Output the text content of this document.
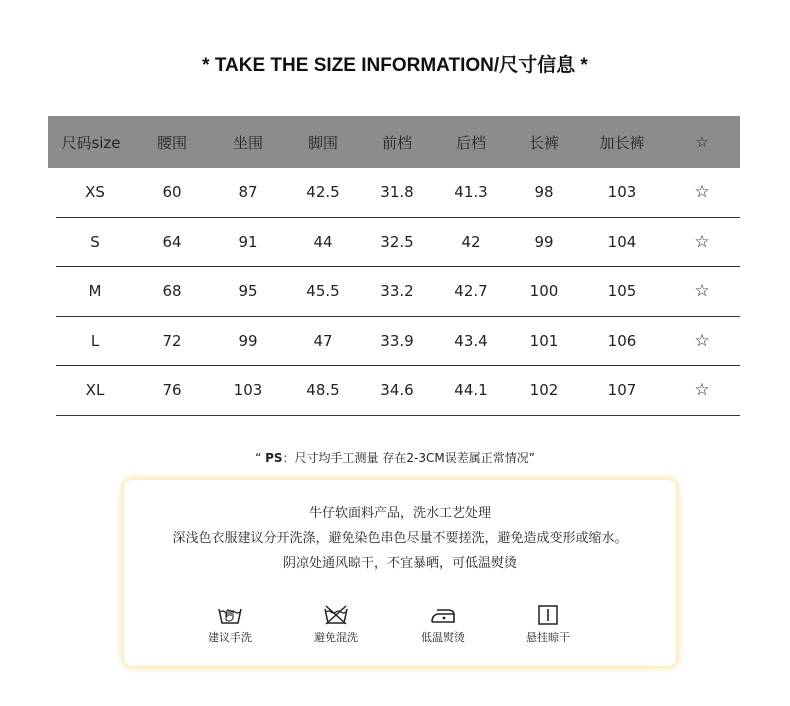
* TAKE THE SIZE INFORMATION/尺寸信息 *
尺码size	腰围	坐围	脚围	前档	后档	长裤	加长裤	☆
XS	60	87	42.5	31.8	41.3	98	103	☆
S	64	91	44	32.5	42	99	104	☆
M	68	95	45.5	33.2	42.7	100	105	☆
L	72	99	47	33.9	43.4	101	106	☆
XL	76	103	48.5	34.6	44.1	102	107	☆
“ PS：尺寸均手工测量 存在2-3CM误差属正常情况”
牛仔软面料产品，洗水工艺处理
深浅色衣服建议分开洗涤，避免染色串色尽量不要搓洗，避免造成变形或缩水。
阴凉处通风晾干，不宜暴晒，可低温熨烫
建议手洗	避免混洗	低温熨烫	悬挂晾干
